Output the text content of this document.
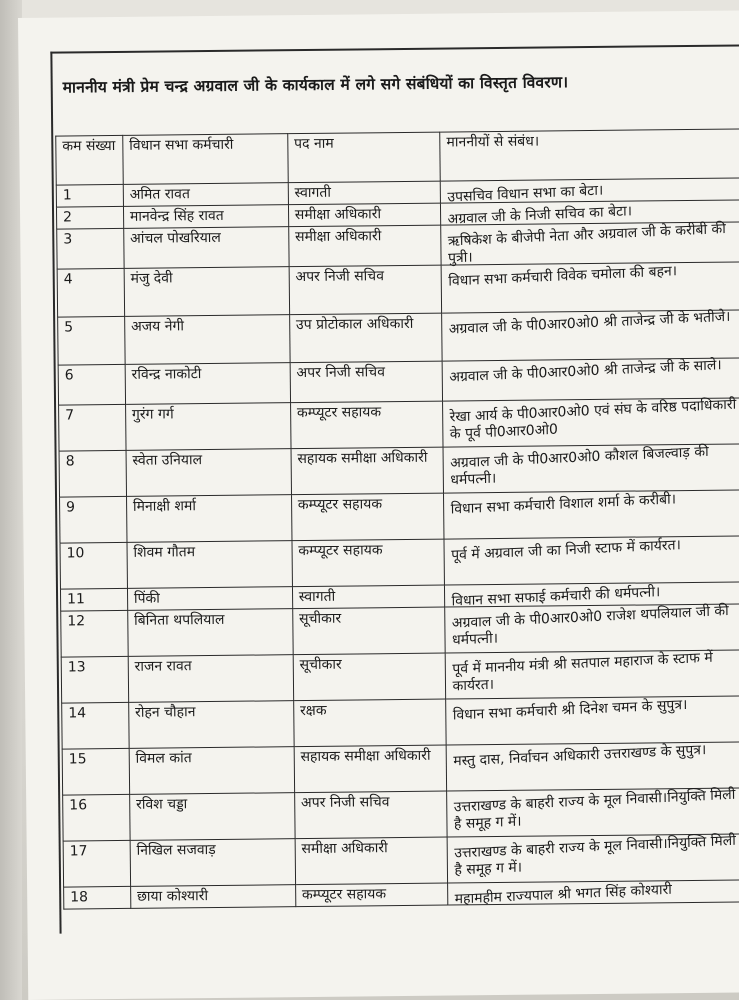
माननीय मंत्री प्रेम चन्द्र अग्रवाल जी के कार्यकाल में लगे सगे संबंधियों का विस्तृत विवरण।
कम संख्या	विधान सभा कर्मचारी	पद नाम	माननीयों से संबंध।
1	अमित रावत	स्वागती	उपसचिव विधान सभा का बेटा।
2	मानवेन्द्र सिंह रावत	समीक्षा अधिकारी	अग्रवाल जी के निजी सचिव का बेटा।
3	आंचल पोखरियाल	समीक्षा अधिकारी	ऋषिकेश के बीजेपी नेता और अग्रवाल जी के करीबी की पुत्री।
4	मंजु देवी	अपर निजी सचिव	विधान सभा कर्मचारी विवेक चमोला की बहन।
5	अजय नेगी	उप प्रोटोकाल अधिकारी	अग्रवाल जी के पी0आर0ओ0 श्री ताजेन्द्र जी के भतीजे।
6	रविन्द्र नाकोटी	अपर निजी सचिव	अग्रवाल जी के पी0आर0ओ0 श्री ताजेन्द्र जी के साले।
7	गुरंग गर्ग	कम्प्यूटर सहायक	रेखा आर्य के पी0आर0ओ0 एवं संघ के वरिष्ठ पदाधिकारी के पूर्व पी0आर0ओ0
8	स्वेता उनियाल	सहायक समीक्षा अधिकारी	अग्रवाल जी के पी0आर0ओ0 कौशल बिजल्वाड़ की धर्मपत्नी।
9	मिनाक्षी शर्मा	कम्प्यूटर सहायक	विधान सभा कर्मचारी विशाल शर्मा के करीबी।
10	शिवम गौतम	कम्प्यूटर सहायक	पूर्व में अग्रवाल जी का निजी स्टाफ में कार्यरत।
11	पिंकी	स्वागती	विधान सभा सफाई कर्मचारी की धर्मपत्नी।
12	बिनिता थपलियाल	सूचीकार	अग्रवाल जी के पी0आर0ओ0 राजेश थपलियाल जी की धर्मपत्नी।
13	राजन रावत	सूचीकार	पूर्व में माननीय मंत्री श्री सतपाल महाराज के स्टाफ में कार्यरत।
14	रोहन चौहान	रक्षक	विधान सभा कर्मचारी श्री दिनेश चमन के सुपुत्र।
15	विमल कांत	सहायक समीक्षा अधिकारी	मस्तु दास, निर्वाचन अधिकारी उत्तराखण्ड के सुपुत्र।
16	रविश चड्डा	अपर निजी सचिव	उत्तराखण्ड के बाहरी राज्य के मूल निवासी।नियुक्ति मिली है समूह ग में।
17	निखिल सजवाड़	समीक्षा अधिकारी	उत्तराखण्ड के बाहरी राज्य के मूल निवासी।नियुक्ति मिली है समूह ग में।
18	छाया कोश्यारी	कम्प्यूटर सहायक	महामहीम राज्यपाल श्री भगत सिंह कोश्यारी
